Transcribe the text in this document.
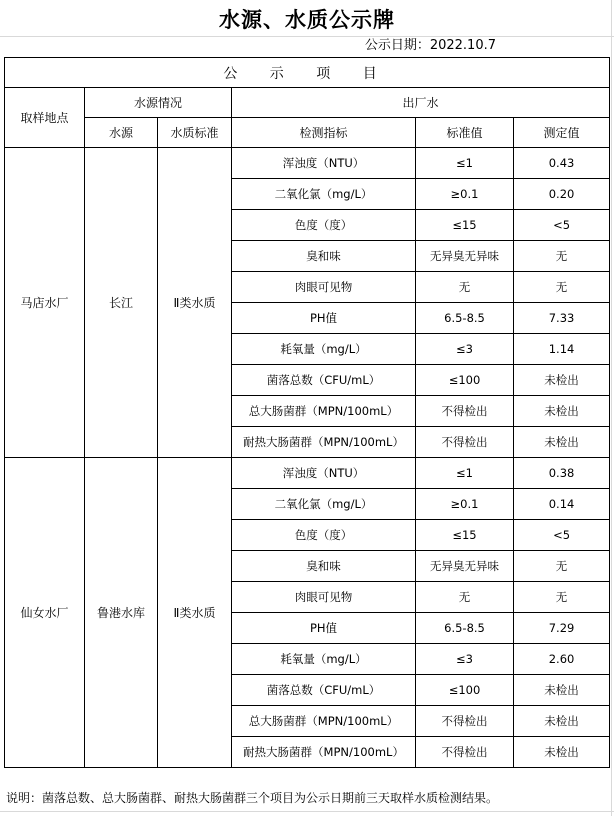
水源、水质公示牌
公示日期：2022.10.7
公 示 项 目					
取样地点	水源情况		出厂水		
	水源	水质标准	检测指标	标准值	测定值
马店水厂	长江	Ⅱ类水质	浑浊度（NTU）	≤1	0.43
			二氧化氯（mg/L）	≥0.1	0.20
			色度（度）	≤15	<5
			臭和味	无异臭无异味	无
			肉眼可见物	无	无
			PH值	6.5-8.5	7.33
			耗氧量（mg/L）	≤3	1.14
			菌落总数（CFU/mL）	≤100	未检出
			总大肠菌群（MPN/100mL）	不得检出	未检出
			耐热大肠菌群（MPN/100mL）	不得检出	未检出
仙女水厂	鲁港水库	Ⅱ类水质	浑浊度（NTU）	≤1	0.38
			二氧化氯（mg/L）	≥0.1	0.14
			色度（度）	≤15	<5
			臭和味	无异臭无异味	无
			肉眼可见物	无	无
			PH值	6.5-8.5	7.29
			耗氧量（mg/L）	≤3	2.60
			菌落总数（CFU/mL）	≤100	未检出
			总大肠菌群（MPN/100mL）	不得检出	未检出
			耐热大肠菌群（MPN/100mL）	不得检出	未检出
说明：菌落总数、总大肠菌群、耐热大肠菌群三个项目为公示日期前三天取样水质检测结果。
